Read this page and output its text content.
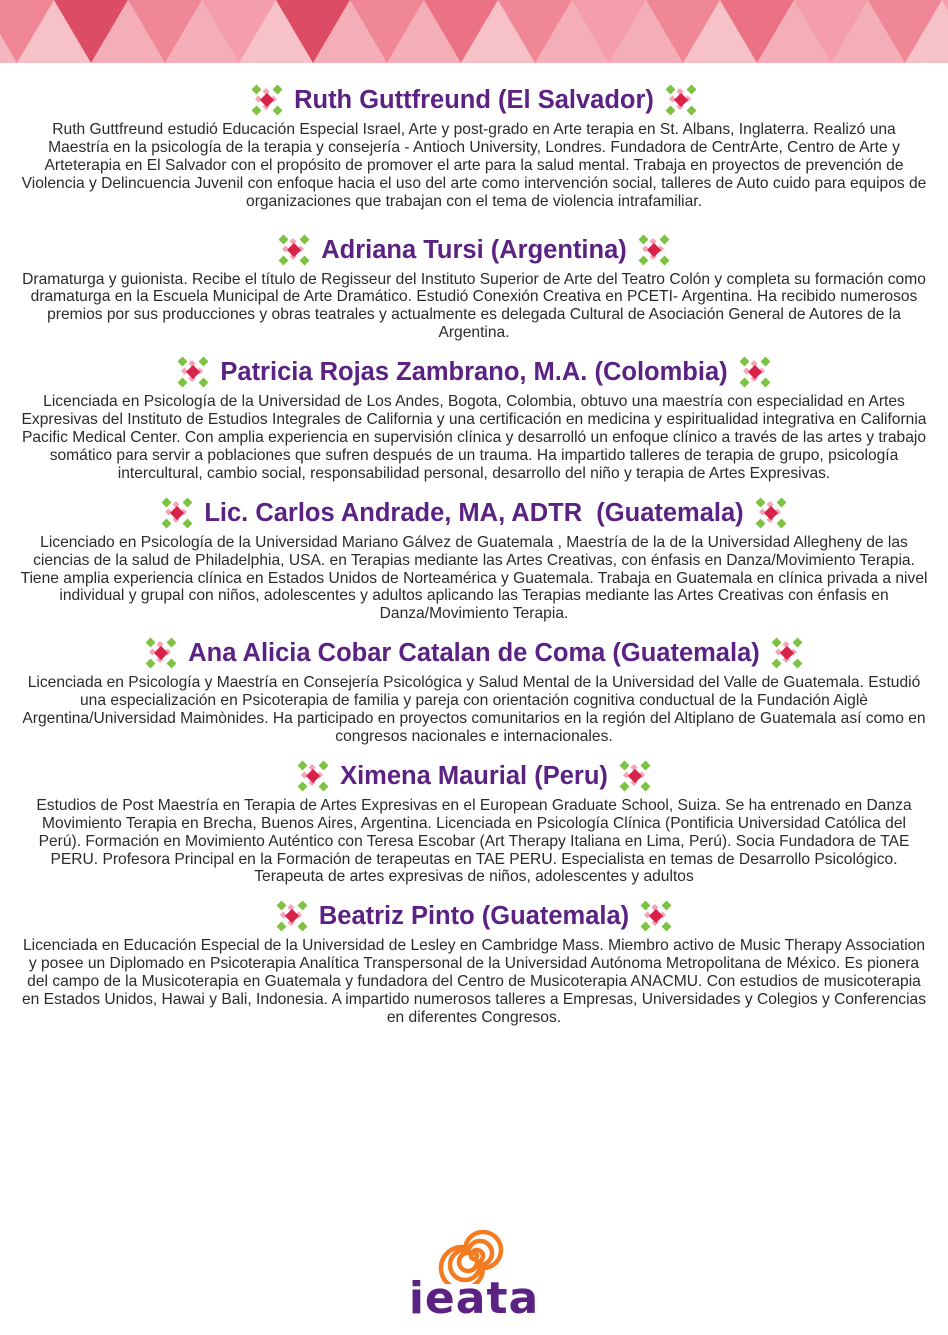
Ruth Guttfreund (El Salvador)

Ruth Guttfreund estudió Educación Especial Israel, Arte y post-grado en Arte terapia en St. Albans, Inglaterra. Realizó una Maestría en la psicología de la terapia y consejería - Antioch University, Londres. Fundadora de CentrArte, Centro de Arte y Arteterapia en El Salvador con el propósito de promover el arte para la salud mental. Trabaja en proyectos de prevención de Violencia y Delincuencia Juvenil con enfoque hacia el uso del arte como intervención social, talleres de Auto cuido para equipos de organizaciones que trabajan con el tema de violencia intrafamiliar.

Adriana Tursi (Argentina)

Dramaturga y guionista. Recibe el título de Regisseur del Instituto Superior de Arte del Teatro Colón y completa su formación como dramaturga en la Escuela Municipal de Arte Dramático. Estudió Conexión Creativa en PCETI- Argentina. Ha recibido numerosos premios por sus producciones y obras teatrales y actualmente es delegada Cultural de Asociación General de Autores de la Argentina.

Patricia Rojas Zambrano, M.A. (Colombia)

Licenciada en Psicología de la Universidad de Los Andes, Bogota, Colombia, obtuvo una maestría con especialidad en Artes Expresivas del Instituto de Estudios Integrales de California y una certificación en medicina y espiritualidad integrativa en California Pacific Medical Center. Con amplia experiencia en supervisión clínica y desarrolló un enfoque clínico a través de las artes y trabajo somático para servir a poblaciones que sufren después de un trauma. Ha impartido talleres de terapia de grupo, psicología intercultural, cambio social, responsabilidad personal, desarrollo del niño y terapia de Artes Expresivas.

Lic. Carlos Andrade, MA, ADTR  (Guatemala)

Licenciado en Psicología de la Universidad Mariano Gálvez de Guatemala , Maestría de la de la Universidad Allegheny de las ciencias de la salud de Philadelphia, USA. en Terapias mediante las Artes Creativas, con énfasis en Danza/Movimiento Terapia. Tiene amplia experiencia clínica en Estados Unidos de Norteamérica y Guatemala. Trabaja en Guatemala en clínica privada a nivel individual y grupal con niños, adolescentes y adultos aplicando las Terapias mediante las Artes Creativas con énfasis en Danza/Movimiento Terapia.

Ana Alicia Cobar Catalan de Coma (Guatemala)

Licenciada en Psicología y Maestría en Consejería Psicológica y Salud Mental de la Universidad del Valle de Guatemala. Estudió una especialización en Psicoterapia de familia y pareja con orientación cognitiva conductual de la Fundación Aiglè Argentina/Universidad Maimònides. Ha participado en proyectos comunitarios en la región del Altiplano de Guatemala así como en congresos nacionales e internacionales.

Ximena Maurial (Peru)

Estudios de Post Maestría en Terapia de Artes Expresivas en el European Graduate School, Suiza. Se ha entrenado en Danza Movimiento Terapia en Brecha, Buenos Aires, Argentina. Licenciada en Psicología Clínica (Pontificia Universidad Católica del Perú). Formación en Movimiento Auténtico con Teresa Escobar (Art Therapy Italiana en Lima, Perú). Socia Fundadora de TAE PERU. Profesora Principal en la Formación de terapeutas en TAE PERU. Especialista en temas de Desarrollo Psicológico. Terapeuta de artes expresivas de niños, adolescentes y adultos

Beatriz Pinto (Guatemala)

Licenciada en Educación Especial de la Universidad de Lesley en Cambridge Mass. Miembro activo de Music Therapy Association y posee un Diplomado en Psicoterapia Analítica Transpersonal de la Universidad Autónoma Metropolitana de México. Es pionera del campo de la Musicoterapia en Guatemala y fundadora del Centro de Musicoterapia ANACMU. Con estudios de musicoterapia en Estados Unidos, Hawai y Bali, Indonesia. A impartido numerosos talleres a Empresas, Universidades y Colegios y Conferencias en diferentes Congresos.

ieata
